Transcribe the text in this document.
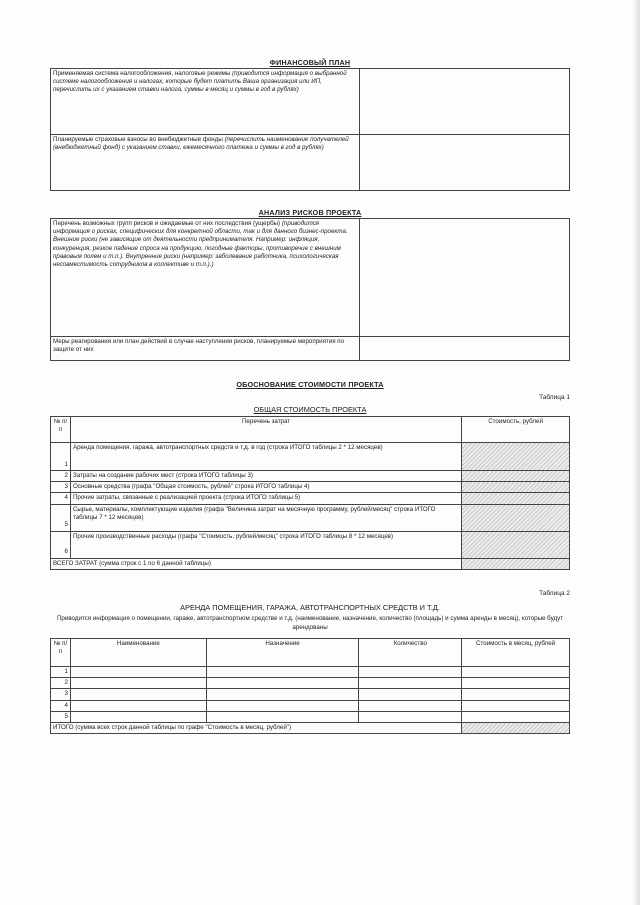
ФИНАНСОВЫЙ ПЛАН
Применяемая система налогообложения, налоговые режимы (приводится информация о выбранной системе налогообложения и налогах, которые будет платить Ваша организация или ИП, перечислить их с указанием ставки налога, суммы в месяц и суммы в год в рублях)	
Планируемые страховые взносы во внебюджетные фонды (перечислить наименование получателей (внебюджетный фонд) с указанием ставки, ежемесячного платежа и суммы в год в рублях)	
АНАЛИЗ РИСКОВ ПРОЕКТА
Перечень возможных групп рисков и ожидаемые от них последствия (ущербы) (приводится информация о рисках, специфических для конкретной области, так и для данного бизнес-проекта. Внешние риски (не зависящие от деятельности предпринимателя. Например: инфляция, конкуренция, резкое падение спроса на продукцию, погодные факторы, противоречие с внешним правовым полем и т.п.). Внутренние риски (например: заболевание работника, психологическая несовместимость сотрудников в коллективе и т.п.).)	
Меры реагирования или план действий в случае наступления рисков, планируемые мероприятия по защите от них	
ОБОСНОВАНИЕ СТОИМОСТИ ПРОЕКТА
Таблица 1
ОБЩАЯ СТОИМОСТЬ ПРОЕКТА
№ п/п	Перечень затрат	Стоимость, рублей
1	Аренда помещения, гаража, автотранспортных средств и т.д. в год (строка ИТОГО таблицы 2 * 12 месяцев)	
2	Затраты на создание рабочих мест (строка ИТОГО таблицы 3)	
3	Основные средства (графа "Общая стоимость, рублей" строка ИТОГО таблицы 4)	
4	Прочие затраты, связанные с реализацией проекта (строка ИТОГО таблицы 5)	
5	Сырье, материалы, комплектующие изделия (графа "Величина затрат на месячную программу, рублей/месяц" строка ИТОГО таблицы 7 * 12 месяцев)	
6	Прочие производственные расходы (графа "Стоимость, рублей/месяц" строка ИТОГО таблицы 8 * 12 месяцев)	
ВСЕГО ЗАТРАТ (сумма строк с 1 по 6 данной таблицы)		
Таблица 2
АРЕНДА ПОМЕЩЕНИЯ, ГАРАЖА, АВТОТРАНСПОРТНЫХ СРЕДСТВ И Т.Д.
Приводится информация о помещении, гараже, автотранспортном средстве и т.д. (наименование, назначение, количество (площадь) и сумма аренды в месяц), которые будут арендованы
№ п/п	Наименование	Назначение	Количество	Стоимость в месяц, рублей
1				
2				
3				
4				
5				
ИТОГО (сумма всех строк данной таблицы по графе "Стоимость в месяц, рублей")				
